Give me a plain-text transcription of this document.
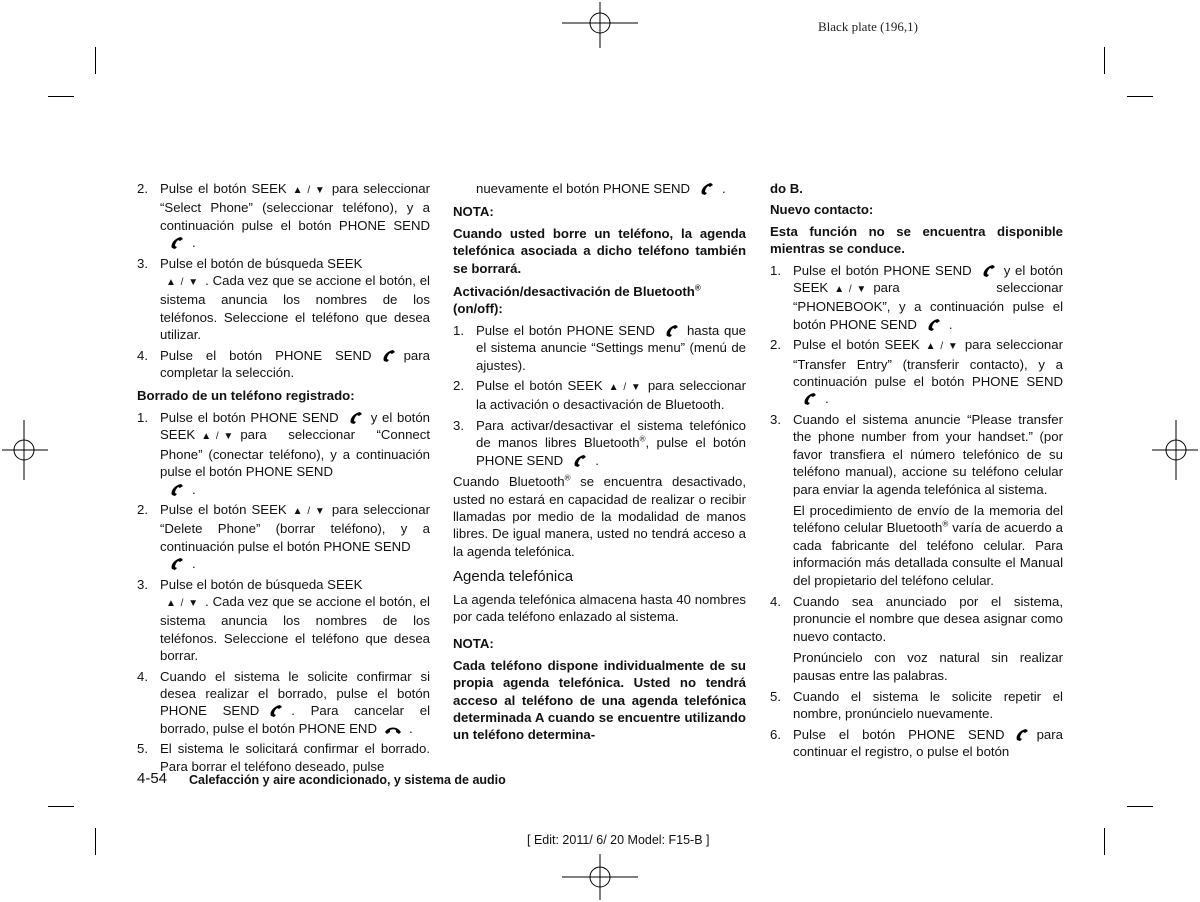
Black plate (196,1)
2. Pulse el botón SEEK ▲ / ▼ para seleccionar “Select Phone” (seleccionar teléfono), y a continuación pulse el botón PHONE SEND.
3. Pulse el botón de búsqueda SEEK
▲ / ▼ . Cada vez que se accione el botón, el sistema anuncia los nombres de los teléfonos. Seleccione el teléfono que desea utilizar.
4. Pulse el botón PHONE SEND para completar la selección.

Borrado de un teléfono registrado:

1. Pulse el botón PHONE SEND y el botón SEEK ▲ / ▼ para seleccionar “Connect Phone” (conectar teléfono), y a continuación pulse el botón PHONE SEND
.
2. Pulse el botón SEEK ▲ / ▼ para seleccionar “Delete Phone” (borrar teléfono), y a continuación pulse el botón PHONE SEND
.
3. Pulse el botón de búsqueda SEEK
▲ / ▼ . Cada vez que se accione el botón, el sistema anuncia los nombres de los teléfonos. Seleccione el teléfono que desea borrar.
4. Cuando el sistema le solicite confirmar si desea realizar el borrado, pulse el botón PHONE SEND . Para cancelar el borrado, pulse el botón PHONE END .
5. El sistema le solicitará confirmar el borrado. Para borrar el teléfono deseado, pulse

nuevamente el botón PHONE SEND .

NOTA:

Cuando usted borre un teléfono, la agenda telefónica asociada a dicho teléfono también se borrará.

Activación/desactivación de Bluetooth®
(on/off):

1. Pulse el botón PHONE SEND hasta que el sistema anuncie “Settings menu” (menú de ajustes).
2. Pulse el botón SEEK ▲ / ▼ para seleccionar la activación o desactivación de Bluetooth.
3. Para activar/desactivar el sistema telefónico de manos libres Bluetooth®, pulse el botón PHONE SEND .

Cuando Bluetooth® se encuentra desactivado, usted no estará en capacidad de realizar o recibir llamadas por medio de la modalidad de manos libres. De igual manera, usted no tendrá acceso a la agenda telefónica.

Agenda telefónica

La agenda telefónica almacena hasta 40 nombres por cada teléfono enlazado al sistema.

NOTA:

Cada teléfono dispone individualmente de su propia agenda telefónica. Usted no tendrá acceso al teléfono de una agenda telefónica determinada A cuando se encuentre utilizando un teléfono determina-

do B.

Nuevo contacto:

Esta función no se encuentra disponible mientras se conduce.

1. Pulse el botón PHONE SEND y el botón SEEK ▲ / ▼ para seleccionar “PHONEBOOK”, y a continuación pulse el botón PHONE SEND .
2. Pulse el botón SEEK ▲ / ▼ para seleccionar “Transfer Entry” (transferir contacto), y a continuación pulse el botón PHONE SEND.
3. Cuando el sistema anuncie “Please transfer the phone number from your handset.” (por favor transfiera el número telefónico de su teléfono manual), accione su teléfono celular para enviar la agenda telefónica al sistema.

El procedimiento de envío de la memoria del teléfono celular Bluetooth® varía de acuerdo a cada fabricante del teléfono celular. Para información más detallada consulte el Manual del propietario del teléfono celular.

4. Cuando sea anunciado por el sistema, pronuncie el nombre que desea asignar como nuevo contacto.

Pronúncielo con voz natural sin realizar pausas entre las palabras.

5. Cuando el sistema le solicite repetir el nombre, pronúncielo nuevamente.
6. Pulse el botón PHONE SEND para continuar el registro, o pulse el botón
4-54 Calefacción y aire acondicionado, y sistema de audio
[ Edit: 2011/ 6/ 20 Model: F15-B ]
